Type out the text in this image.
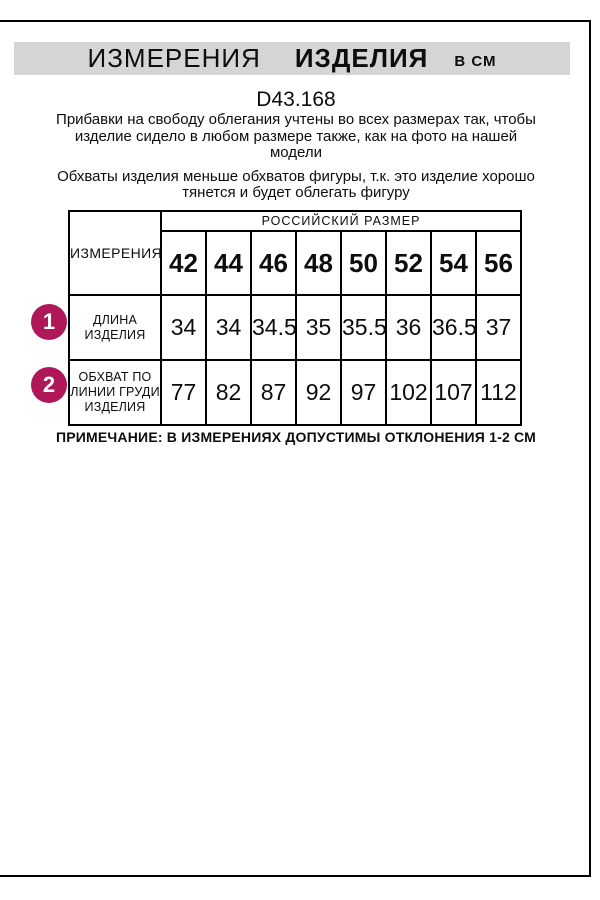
ИЗМЕРЕНИЯ ИЗДЕЛИЯ В СМ
D43.168
Прибавки на свободу облегания учтены во всех размерах так, чтобы
изделие сидело в любом размере также, как на фото на нашей
модели
Обхваты изделия меньше обхватов фигуры, т.к. это изделие хорошо
тянется и будет облегать фигуру
ИЗМЕРЕНИЯ	РОССИЙСКИЙ РАЗМЕР							
	42	44	46	48	50	52	54	56
ДЛИНА ИЗДЕЛИЯ	34	34	34.5	35	35.5	36	36.5	37
ОБХВАТ ПО ЛИНИИ ГРУДИ ИЗДЕЛИЯ	77	82	87	92	97	102	107	112
1
2
ПРИМЕЧАНИЕ: В ИЗМЕРЕНИЯХ ДОПУСТИМЫ ОТКЛОНЕНИЯ 1-2 СМ
